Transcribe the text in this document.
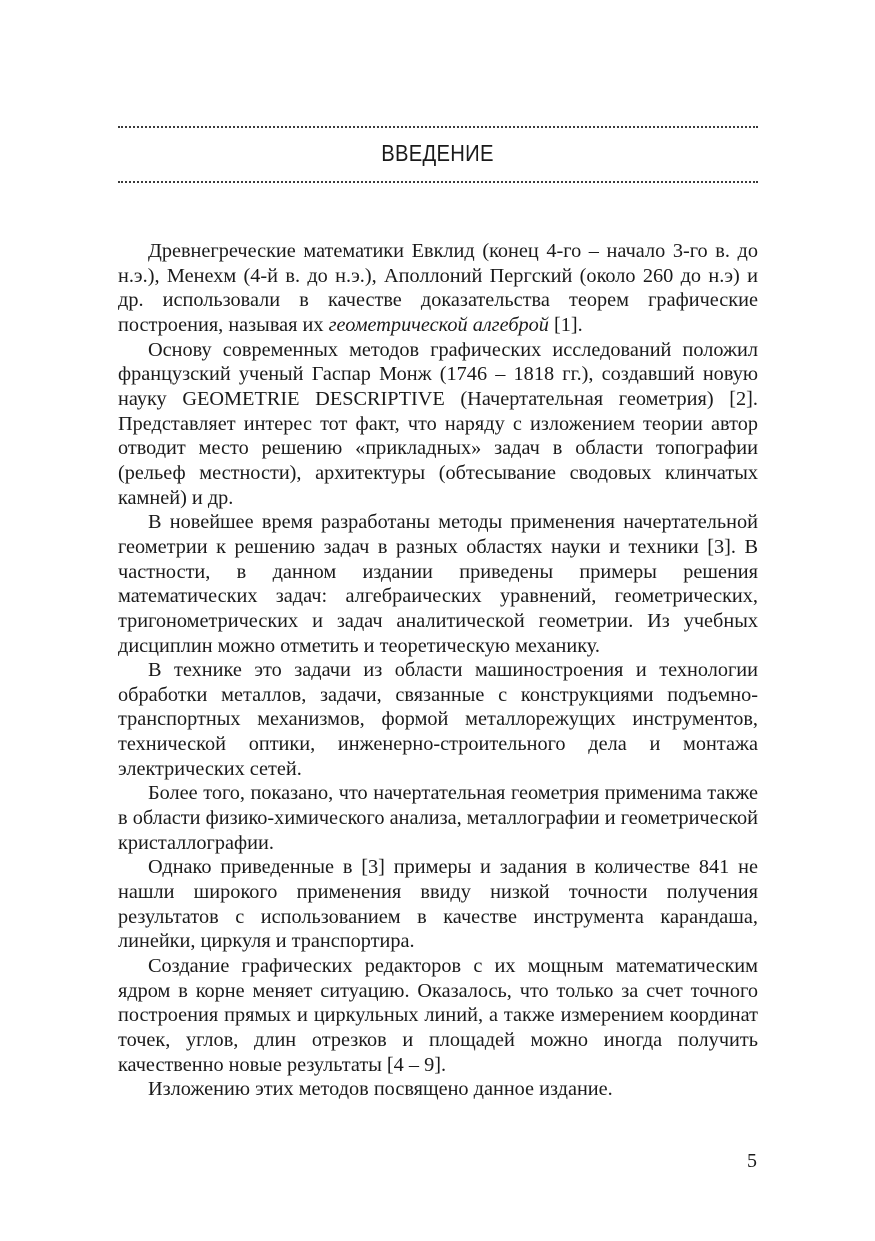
ВВЕДЕНИЕ

Древнегреческие математики Евклид (конец 4-го – начало 3-го в. до н.э.), Менехм (4-й в. до н.э.), Аполлоний Пергский (около 260 до н.э) и др. использовали в качестве доказательства теорем графические построения, называя их геометрической алгеброй [1].

Основу современных методов графических исследований положил французский ученый Гаспар Монж (1746 – 1818 гг.), создавший новую науку GEOMETRIE DESCRIPTIVE (Начертательная геометрия) [2]. Представляет интерес тот факт, что наряду с изложением теории автор отводит место решению «прикладных» задач в области топографии (рельеф местности), архитектуры (обтесывание сводовых клинчатых камней) и др.

В новейшее время разработаны методы применения начертательной геометрии к решению задач в разных областях науки и техники [3]. В частности, в данном издании приведены примеры решения математических задач: алгебраических уравнений, геометрических, тригонометрических и задач аналитической геометрии. Из учебных дисциплин можно отметить и теоретическую механику.

В технике это задачи из области машиностроения и технологии обработки металлов, задачи, связанные с конструкциями подъемно-транспортных механизмов, формой металлорежущих инструментов, технической оптики, инженерно-строительного дела и монтажа электрических сетей.

Более того, показано, что начертательная геометрия применима также в области физико-химического анализа, металлографии и геометрической кристаллографии.

Однако приведенные в [3] примеры и задания в количестве 841 не нашли широкого применения ввиду низкой точности получения результатов с использованием в качестве инструмента карандаша, линейки, циркуля и транспортира.

Создание графических редакторов с их мощным математическим ядром в корне меняет ситуацию. Оказалось, что только за счет точного построения прямых и циркульных линий, а также измерением координат точек, углов, длин отрезков и площадей можно иногда получить качественно новые результаты [4 – 9].

Изложению этих методов посвящено данное издание.

5
